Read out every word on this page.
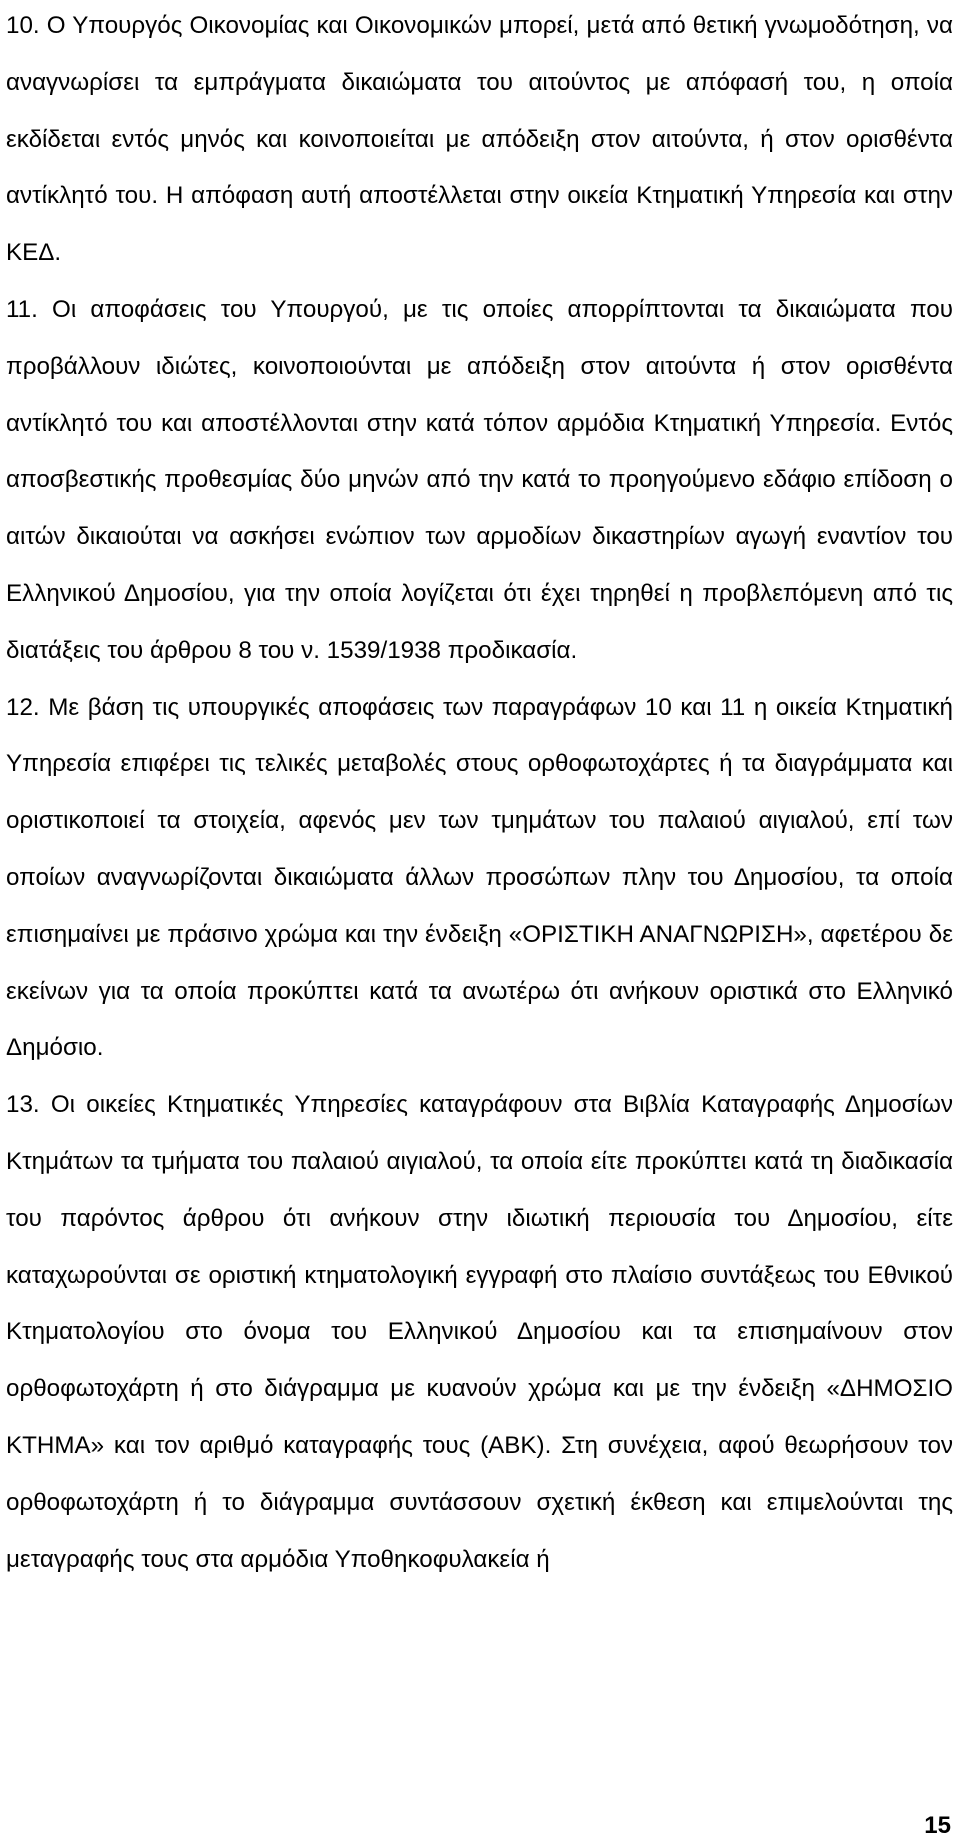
10. Ο Υπουργός Οικονομίας και Οικονομικών μπορεί, μετά από θετική γνωμοδότηση, να αναγνωρίσει τα εμπράγματα δικαιώματα του αιτούντος με απόφασή του, η οποία εκδίδεται εντός μηνός και κοινοποιείται με απόδειξη στον αιτούντα, ή στον ορισθέντα αντίκλητό του. Η απόφαση αυτή αποστέλλεται στην οικεία Κτηματική Υπηρεσία και στην ΚΕΔ.

11. Οι αποφάσεις του Υπουργού, με τις οποίες απορρίπτονται τα δικαιώματα που προβάλλουν ιδιώτες, κοινοποιούνται με απόδειξη στον αιτούντα ή στον ορισθέντα αντίκλητό του και αποστέλλονται στην κατά τόπον αρμόδια Κτηματική Υπηρεσία. Εντός αποσβεστικής προθεσμίας δύο μηνών από την κατά το προηγούμενο εδάφιο επίδοση ο αιτών δικαιούται να ασκήσει ενώπιον των αρμοδίων δικαστηρίων αγωγή εναντίον του Ελληνικού Δημοσίου, για την οποία λογίζεται ότι έχει τηρηθεί η προβλεπόμενη από τις διατάξεις του άρθρου 8 του ν. 1539/1938 προδικασία.

12. Με βάση τις υπουργικές αποφάσεις των παραγράφων 10 και 11 η οικεία Κτηματική Υπηρεσία επιφέρει τις τελικές μεταβολές στους ορθοφωτοχάρτες ή τα διαγράμματα και οριστικοποιεί τα στοιχεία, αφενός μεν των τμημάτων του παλαιού αιγιαλού, επί των οποίων αναγνωρίζονται δικαιώματα άλλων προσώπων πλην του Δημοσίου, τα οποία επισημαίνει με πράσινο χρώμα και την ένδειξη «ΟΡΙΣΤΙΚΗ ΑΝΑΓΝΩΡΙΣΗ», αφετέρου δε εκείνων για τα οποία προκύπτει κατά τα ανωτέρω ότι ανήκουν οριστικά στο Ελληνικό Δημόσιο.

13. Οι οικείες Κτηματικές Υπηρεσίες καταγράφουν στα Βιβλία Καταγραφής Δημοσίων Κτημάτων τα τμήματα του παλαιού αιγιαλού, τα οποία είτε προκύπτει κατά τη διαδικασία του παρόντος άρθρου ότι ανήκουν στην ιδιωτική περιουσία του Δημοσίου, είτε καταχωρούνται σε οριστική κτηματολογική εγγραφή στο πλαίσιο συντάξεως του Εθνικού Κτηματολογίου στο όνομα του Ελληνικού Δημοσίου και τα επισημαίνουν στον ορθοφωτοχάρτη ή στο διάγραμμα με κυανούν χρώμα και με την ένδειξη «ΔΗΜΟΣΙΟ ΚΤΗΜΑ» και τον αριθμό καταγραφής τους (ΑΒΚ). Στη συνέχεια, αφού θεωρήσουν τον ορθοφωτοχάρτη ή το διάγραμμα συντάσσουν σχετική έκθεση και επιμελούνται της μεταγραφής τους στα αρμόδια Υποθηκοφυλακεία ή

15
